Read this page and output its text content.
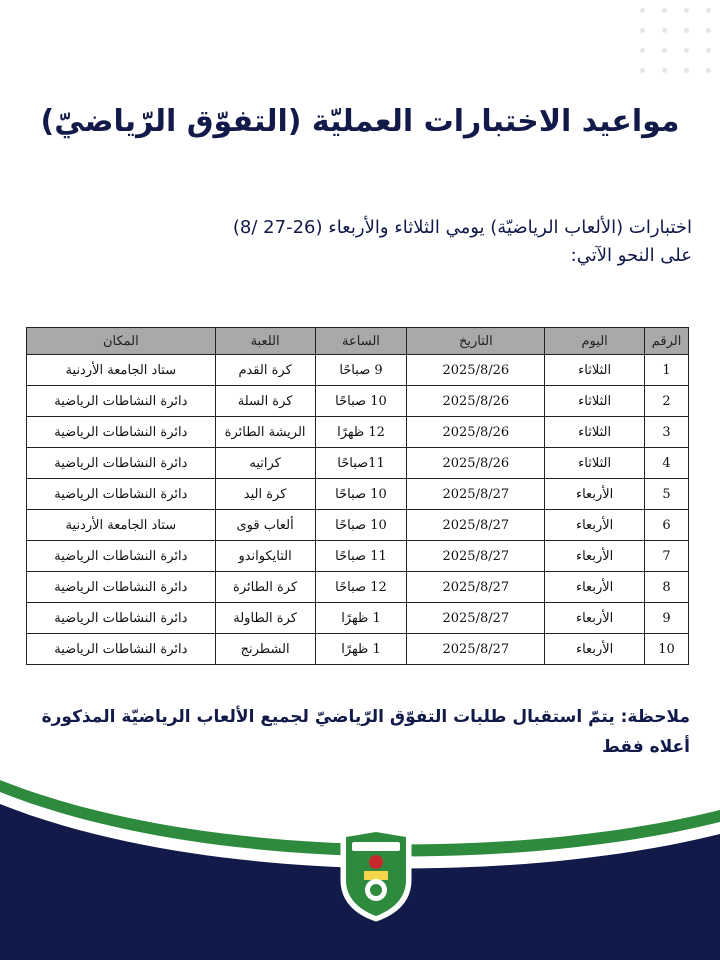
مواعيد الاختبارات العمليّة (التفوّق الرّياضيّ)
اختبارات (الألعاب الرياضيّة) يومي الثلاثاء والأربعاء (26-27 /8)
على النحو الآتي:
الرقم	اليوم	التاريخ	الساعة	اللعبة	المكان
1	الثلاثاء	2025/8/26	9 صباحًا	كرة القدم	ستاد الجامعة الأردنية
2	الثلاثاء	2025/8/26	10 صباحًا	كرة السلة	دائرة النشاطات الرياضية
3	الثلاثاء	2025/8/26	12 ظهرًا	الريشة الطائرة	دائرة النشاطات الرياضية
4	الثلاثاء	2025/8/26	11صباحًا	كراتيه	دائرة النشاطات الرياضية
5	الأربعاء	2025/8/27	10 صباحًا	كرة اليد	دائرة النشاطات الرياضية
6	الأربعاء	2025/8/27	10 صباحًا	ألعاب قوى	ستاد الجامعة الأردنية
7	الأربعاء	2025/8/27	11 صباحًا	التايكواندو	دائرة النشاطات الرياضية
8	الأربعاء	2025/8/27	12 صباحًا	كرة الطائرة	دائرة النشاطات الرياضية
9	الأربعاء	2025/8/27	1 ظهرًا	كرة الطاولة	دائرة النشاطات الرياضية
10	الأربعاء	2025/8/27	1 ظهرًا	الشطرنج	دائرة النشاطات الرياضية
ملاحظة: يتمّ استقبال طلبات التفوّق الرّياضيّ لجميع الألعاب الرياضيّة المذكورة
أعلاه فقط
